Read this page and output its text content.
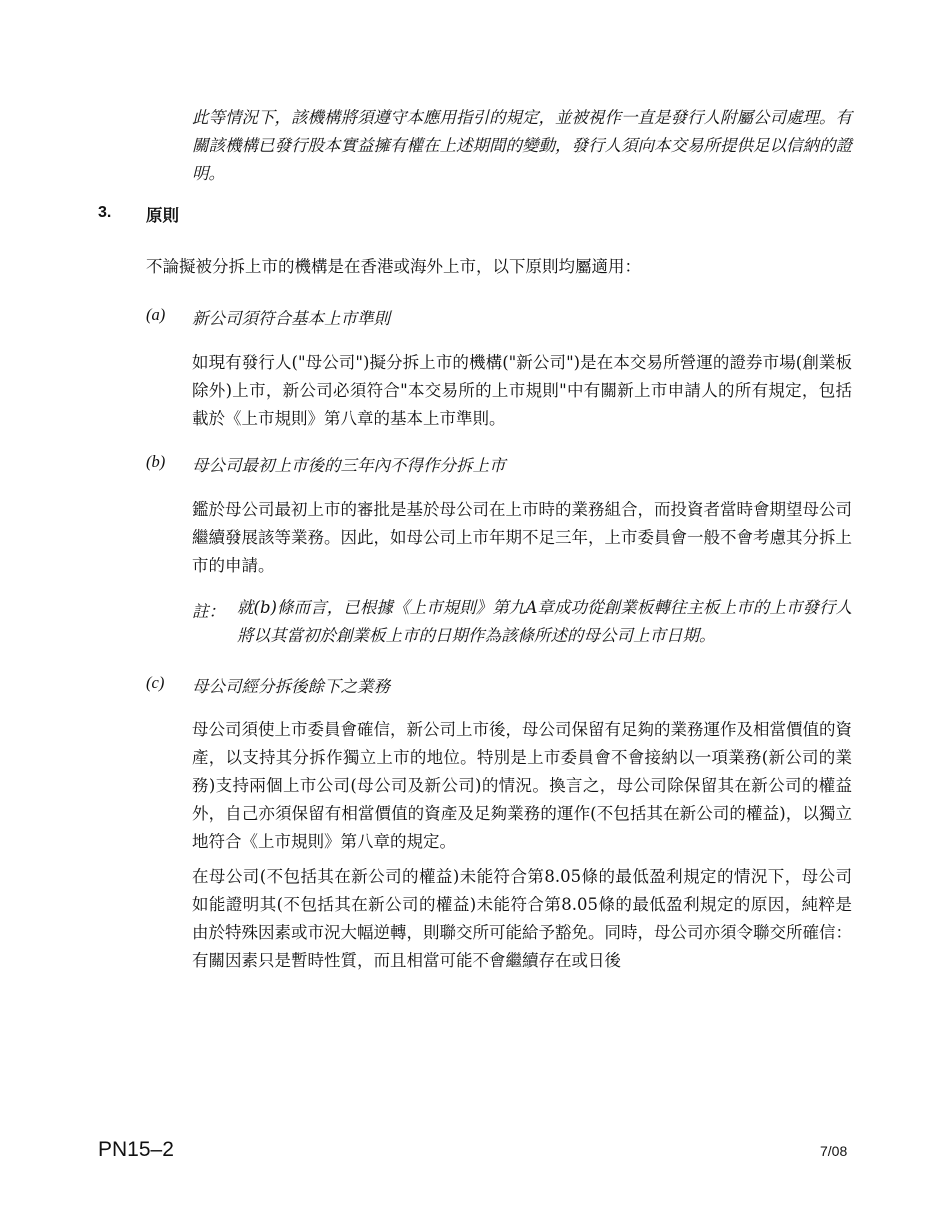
此等情況下，該機構將須遵守本應用指引的規定，並被視作一直是發行人附屬公司處理。有關該機構已發行股本實益擁有權在上述期間的變動，發行人須向本交易所提供足以信納的證明。

3. 原則

不論擬被分拆上市的機構是在香港或海外上市，以下原則均屬適用：

(a) 新公司須符合基本上市準則

如現有發行人("母公司")擬分拆上市的機構("新公司")是在本交易所營運的證券市場(創業板除外)上市，新公司必須符合"本交易所的上市規則"中有關新上市申請人的所有規定，包括載於《上市規則》第八章的基本上市準則。

(b) 母公司最初上市後的三年內不得作分拆上市

鑑於母公司最初上市的審批是基於母公司在上市時的業務組合，而投資者當時會期望母公司繼續發展該等業務。因此，如母公司上市年期不足三年，上市委員會一般不會考慮其分拆上市的申請。

註： 就(b)條而言，已根據《上市規則》第九A章成功從創業板轉往主板上市的上市發行人將以其當初於創業板上市的日期作為該條所述的母公司上市日期。

(c) 母公司經分拆後餘下之業務

母公司須使上市委員會確信，新公司上市後，母公司保留有足夠的業務運作及相當價值的資產，以支持其分拆作獨立上市的地位。特別是上市委員會不會接納以一項業務(新公司的業務)支持兩個上市公司(母公司及新公司)的情況。換言之，母公司除保留其在新公司的權益外，自己亦須保留有相當價值的資產及足夠業務的運作(不包括其在新公司的權益)，以獨立地符合《上市規則》第八章的規定。

在母公司(不包括其在新公司的權益)未能符合第8.05條的最低盈利規定的情況下，母公司如能證明其(不包括其在新公司的權益)未能符合第8.05條的最低盈利規定的原因，純粹是由於特殊因素或市況大幅逆轉，則聯交所可能給予豁免。同時，母公司亦須令聯交所確信：有關因素只是暫時性質，而且相當可能不會繼續存在或日後

PN15–2	7/08
